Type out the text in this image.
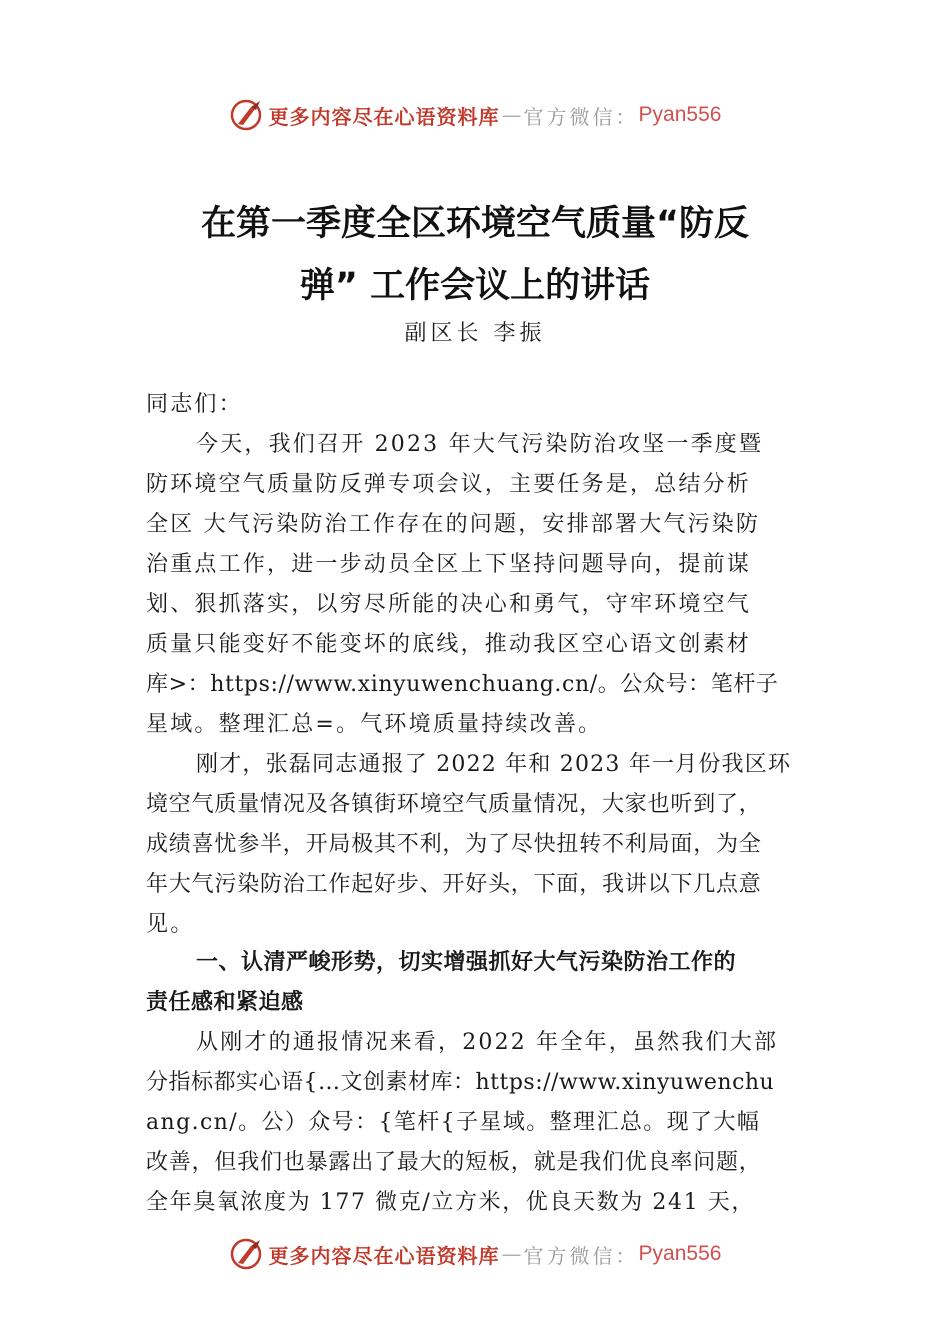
更多内容尽在心语资料库 — 官方微信： Pyan556
在第一季度全区环境空气质量“防反
弹” 工作会议上的讲话
副区长 李振
同志们：
今天，我们召开 2023 年大气污染防治攻坚一季度暨
防环境空气质量防反弹专项会议，主要任务是，总结分析
全区 大气污染防治工作存在的问题，安排部署大气污染防
治重点工作，进一步动员全区上下坚持问题导向，提前谋
划、狠抓落实，以穷尽所能的决心和勇气，守牢环境空气
质量只能变好不能变坏的底线，推动我区空心语文创素材
库>：https://www.xinyuwenchuang.cn/。公众号：笔杆子
星域。整理汇总=。气环境质量持续改善。
刚才，张磊同志通报了 2022 年和 2023 年一月份我区环
境空气质量情况及各镇街环境空气质量情况，大家也听到了，
成绩喜忧参半，开局极其不利，为了尽快扭转不利局面，为全
年大气污染防治工作起好步、开好头，下面，我讲以下几点意
见。
一、认清严峻形势，切实增强抓好大气污染防治工作的
责任感和紧迫感
从刚才的通报情况来看，2022 年全年，虽然我们大部
分指标都实心语{…文创素材库：https://www.xinyuwenchu
ang.cn/。公）众号：{笔杆{子星域。整理汇总。现了大幅
改善，但我们也暴露出了最大的短板，就是我们优良率问题，
全年臭氧浓度为 177 微克/立方米，优良天数为 241 天，
更多内容尽在心语资料库 — 官方微信： Pyan556
